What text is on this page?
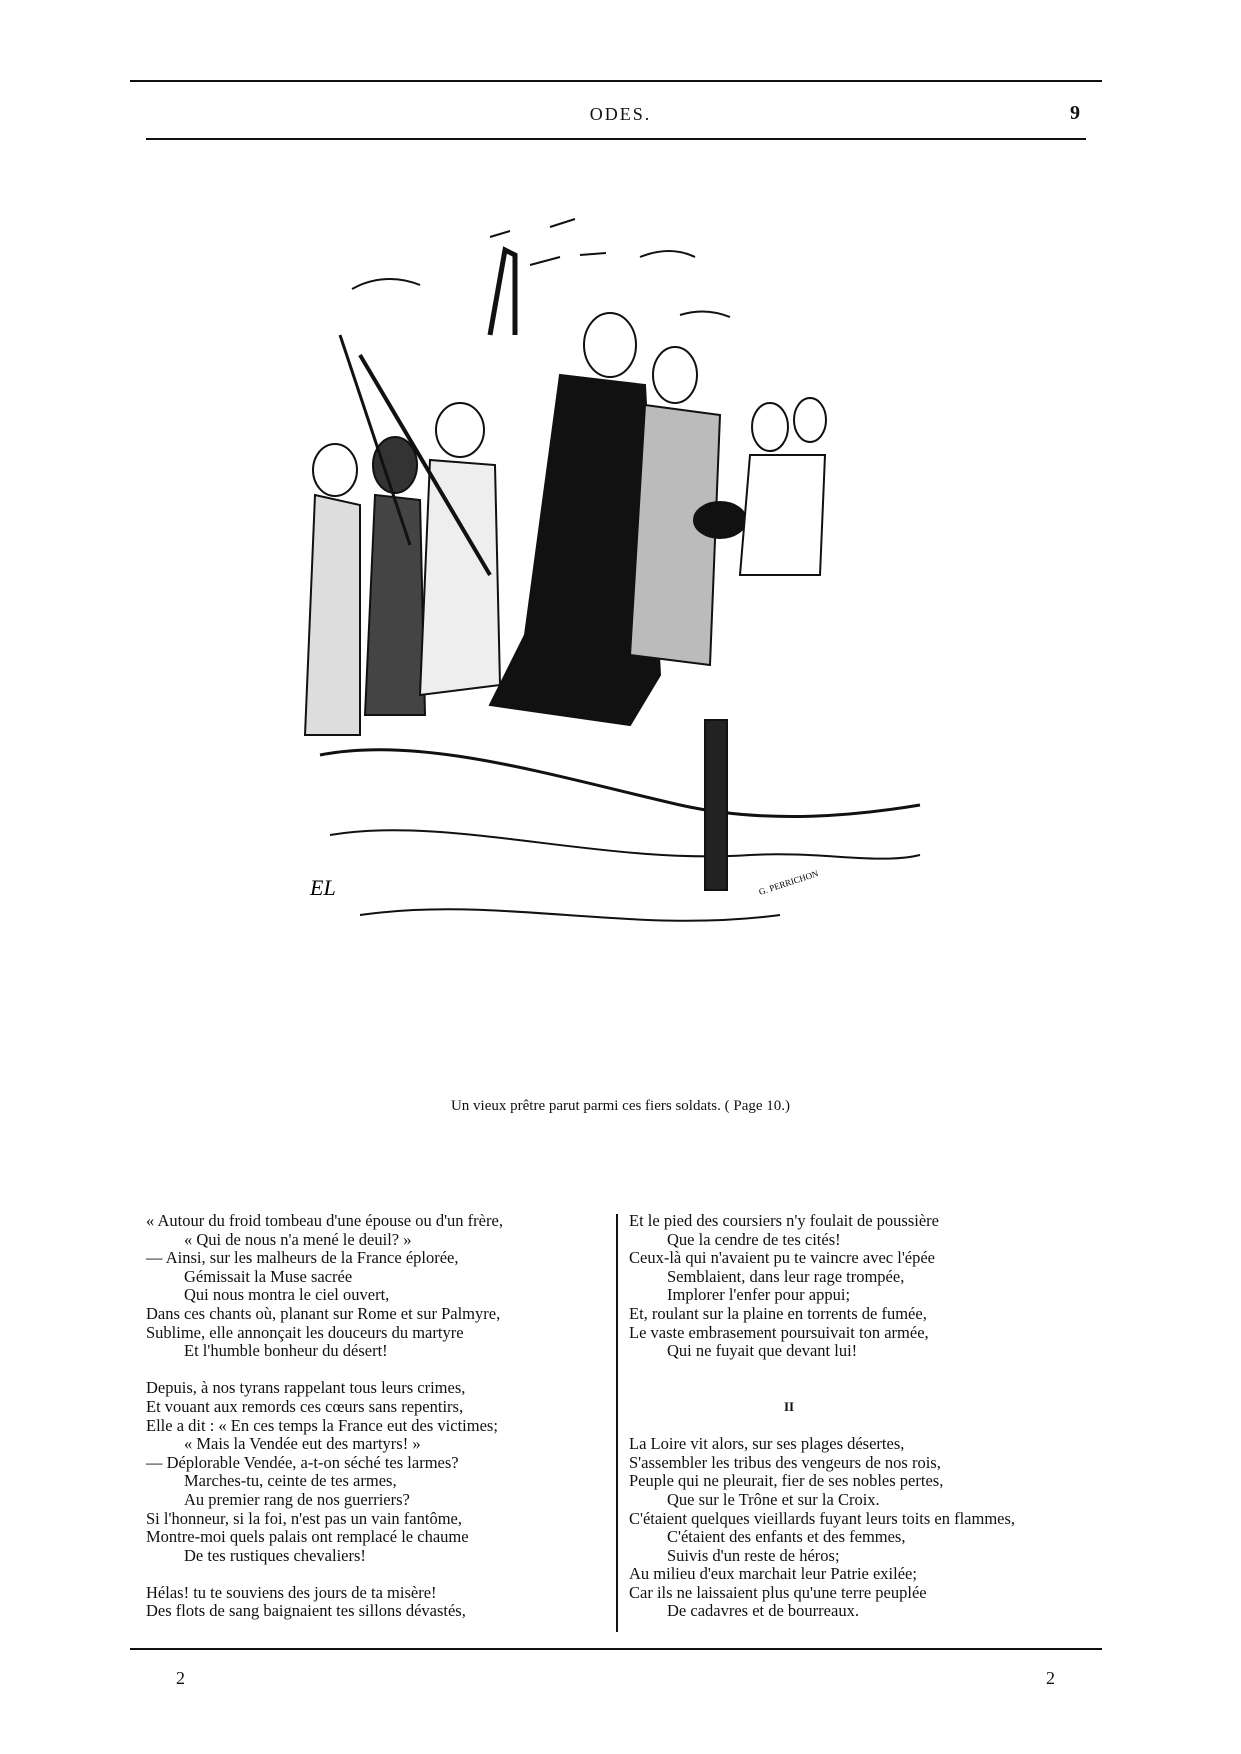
ODES.	9
EL	G. PERRICHON
Un vieux prêtre parut parmi ces fiers soldats. ( Page 10.)
« Autour du froid tombeau d'une épouse ou d'un frère,
« Qui de nous n'a mené le deuil? »
— Ainsi, sur les malheurs de la France éplorée,
Gémissait la Muse sacrée
Qui nous montra le ciel ouvert,
Dans ces chants où, planant sur Rome et sur Palmyre,
Sublime, elle annonçait les douceurs du martyre
Et l'humble bonheur du désert!
Depuis, à nos tyrans rappelant tous leurs crimes,
Et vouant aux remords ces cœurs sans repentirs,
Elle a dit : « En ces temps la France eut des victimes;
« Mais la Vendée eut des martyrs! »
— Déplorable Vendée, a-t-on séché tes larmes?
Marches-tu, ceinte de tes armes,
Au premier rang de nos guerriers?
Si l'honneur, si la foi, n'est pas un vain fantôme,
Montre-moi quels palais ont remplacé le chaume
De tes rustiques chevaliers!
Hélas! tu te souviens des jours de ta misère!
Des flots de sang baignaient tes sillons dévastés,
Et le pied des coursiers n'y foulait de poussière
Que la cendre de tes cités!
Ceux-là qui n'avaient pu te vaincre avec l'épée
Semblaient, dans leur rage trompée,
Implorer l'enfer pour appui;
Et, roulant sur la plaine en torrents de fumée,
Le vaste embrasement poursuivait ton armée,
Qui ne fuyait que devant lui!
II
La Loire vit alors, sur ses plages désertes,
S'assembler les tribus des vengeurs de nos rois,
Peuple qui ne pleurait, fier de ses nobles pertes,
Que sur le Trône et sur la Croix.
C'étaient quelques vieillards fuyant leurs toits en flammes,
C'étaient des enfants et des femmes,
Suivis d'un reste de héros;
Au milieu d'eux marchait leur Patrie exilée;
Car ils ne laissaient plus qu'une terre peuplée
De cadavres et de bourreaux.
2	2
